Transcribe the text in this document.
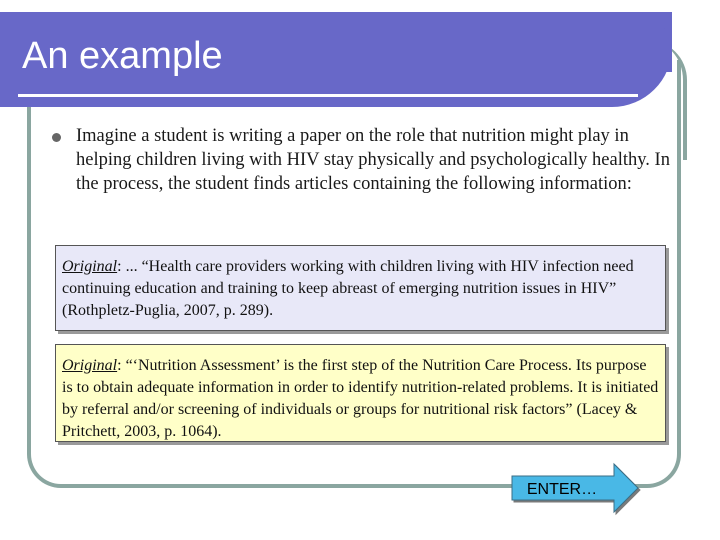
An example

Imagine a student is writing a paper on the role that nutrition might play in helping children living with HIV stay physically and psychologically healthy. In the process, the student finds articles containing the following information:

Original: ... “Health care providers working with children living with HIV infection need continuing education and training to keep abreast of emerging nutrition issues in HIV” (Rothpletz-Puglia, 2007, p. 289).
Original: “‘Nutrition Assessment’ is the first step of the Nutrition Care Process. Its purpose is to obtain adequate information in order to identify nutrition-related problems. It is initiated by referral and/or screening of individuals or groups for nutritional risk factors” (Lacey & Pritchett, 2003, p. 1064).
ENTER…
